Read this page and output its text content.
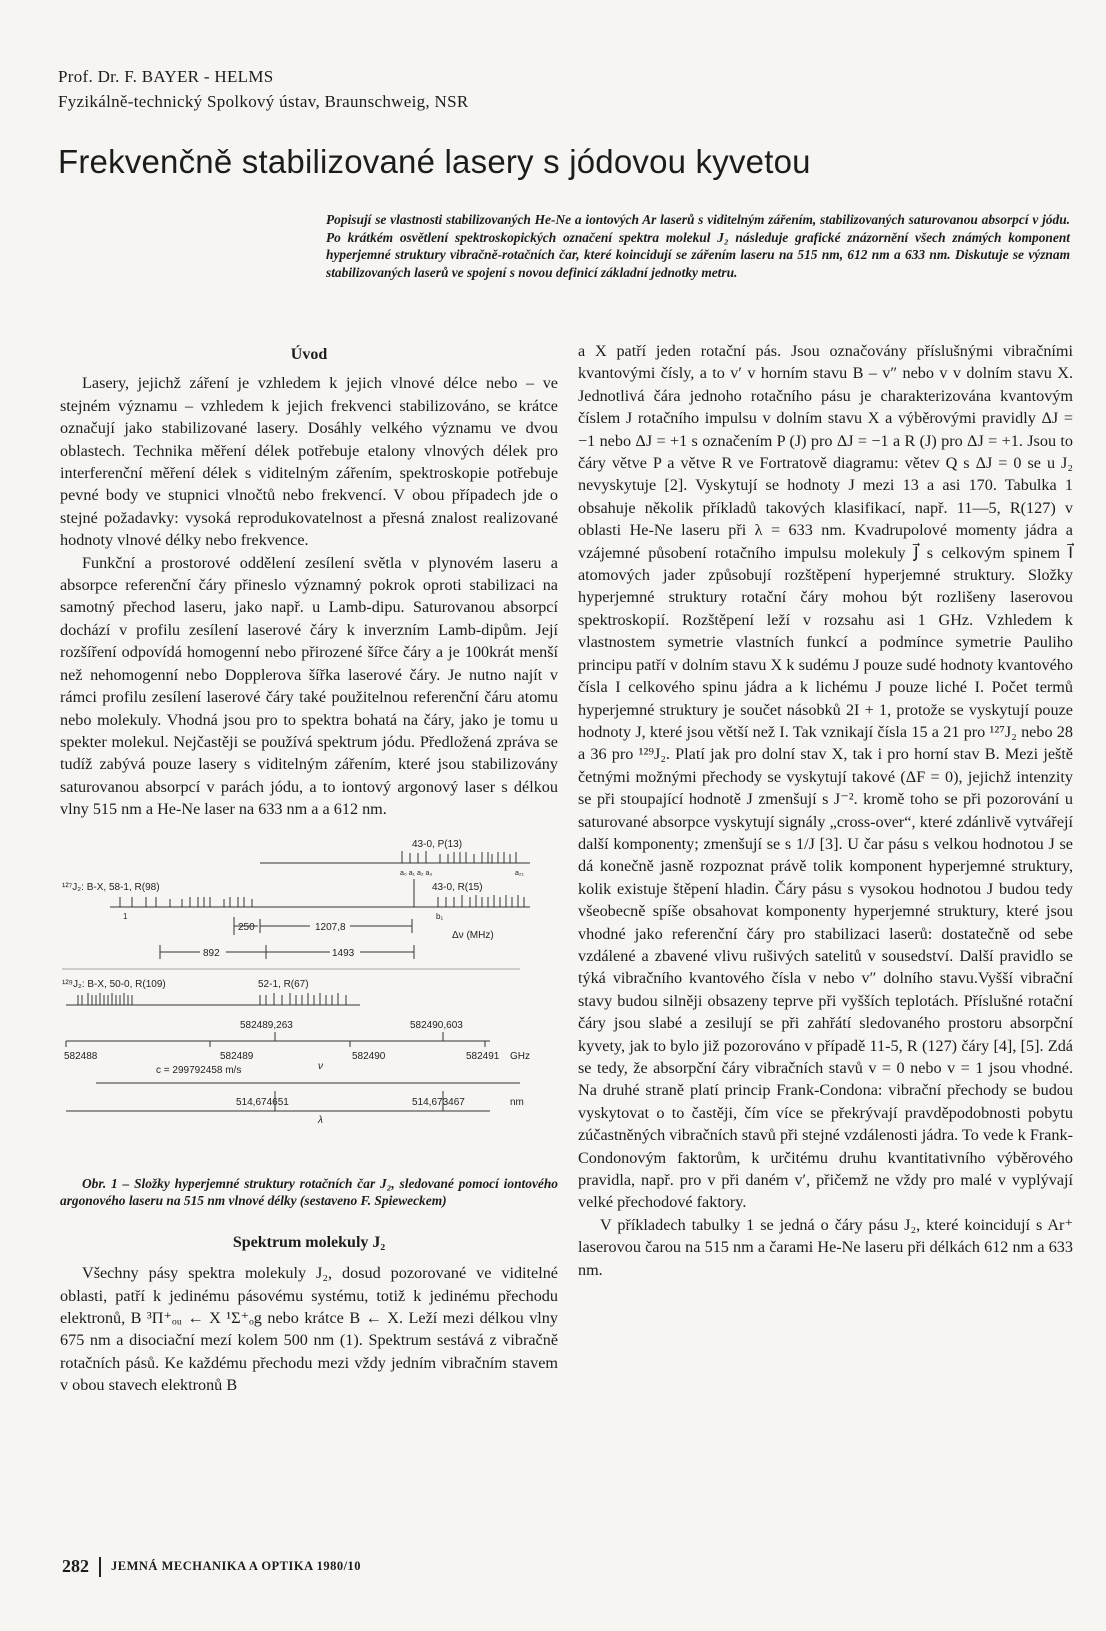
Prof. Dr. F. BAYER - HELMS
Fyzikálně-technický Spolkový ústav, Braunschweig, NSR
Frekvenčně stabilizované lasery s jódovou kyvetou

Popisují se vlastnosti stabilizovaných He-Ne a iontových Ar laserů s viditelným zářením, stabilizovaných saturovanou absorpcí v jódu. Po krátkém osvětlení spektroskopických označení spektra molekul J₂ následuje grafické znázornění všech známých komponent hyperjemné struktury vibračně-rotačních čar, které koincidují se zářením laseru na 515 nm, 612 nm a 633 nm. Diskutuje se význam stabilizovaných laserů ve spojení s novou definicí základní jednotky metru.

Úvod

Lasery, jejichž záření je vzhledem k jejich vlnové délce nebo – ve stejném významu – vzhledem k jejich frekvenci stabilizováno, se krátce označují jako stabilizované lasery. Dosáhly velkého významu ve dvou oblastech. Technika měření délek potřebuje etalony vlnových délek pro interferenční měření délek s viditelným zářením, spektroskopie potřebuje pevné body ve stupnici vlnočtů nebo frekvencí. V obou případech jde o stejné požadavky: vysoká reprodukovatelnost a přesná znalost realizované hodnoty vlnové délky nebo frekvence.

Funkční a prostorové oddělení zesílení světla v plynovém laseru a absorpce referenční čáry přineslo významný pokrok oproti stabilizaci na samotný přechod laseru, jako např. u Lamb-dipu. Saturovanou absorpcí dochází v profilu zesílení laserové čáry k inverzním Lamb-dipům. Její rozšíření odpovídá homogenní nebo přirozené šířce čáry a je 100krát menší než nehomogenní nebo Dopplerova šířka laserové čáry. Je nutno najít v rámci profilu zesílení laserové čáry také použitelnou referenční čáru atomu nebo molekuly. Vhodná jsou pro to spektra bohatá na čáry, jako je tomu u spekter molekul. Nejčastěji se používá spektrum jódu. Předložená zpráva se tudíž zabývá pouze lasery s viditelným zářením, které jsou stabilizovány saturovanou absorpcí v parách jódu, a to iontový argonový laser s délkou vlny 515 nm a He-Ne laser na 633 nm a a 612 nm.

43-0, P(13)
a₀ a₁ a₂ a₃	a₂₁
¹²⁷J₂: B-X, 58-1, R(98)	43-0, R(15)
1	b₁
250	1207,8
Δν (MHz)
892	1493
¹²⁹J₂: B-X, 50-0, R(109)	52-1, R(67)
582489,263	582490,603
582488	582489	582490	582491 GHz
c = 299792458 m/s	ν
514,674651	514,673467	nm
λ

Obr. 1 – Složky hyperjemné struktury rotačních čar J₂, sledované pomocí iontového argonového laseru na 515 nm vlnové délky (sestaveno F. Spieweckem)

Spektrum molekuly J₂

Všechny pásy spektra molekuly J₂, dosud pozorované ve viditelné oblasti, patří k jedinému pásovému systému, totiž k jedinému přechodu elektronů, B ³Π⁺ₒᵤ ← X ¹Σ⁺ₒg nebo krátce B ← X. Leží mezi délkou vlny 675 nm a disociační mezí kolem 500 nm (1). Spektrum sestává z vibračně rotačních pásů. Ke každému přechodu mezi vždy jedním vibračním stavem v obou stavech elektronů B

a X patří jeden rotační pás. Jsou označovány příslušnými vibračními kvantovými čísly, a to v′ v horním stavu B – v″ nebo v v dolním stavu X. Jednotlivá čára jednoho rotačního pásu je charakterizována kvantovým číslem J rotačního impulsu v dolním stavu X a výběrovými pravidly ΔJ = −1 nebo ΔJ = +1 s označením P (J) pro ΔJ = −1 a R (J) pro ΔJ = +1. Jsou to čáry větve P a větve R ve Fortratově diagramu: větev Q s ΔJ = 0 se u J₂ nevyskytuje [2]. Vyskytují se hodnoty J mezi 13 a asi 170. Tabulka 1 obsahuje několik příkladů takových klasifikací, např. 11—5, R(127) v oblasti He-Ne laseru při λ = 633 nm. Kvadrupolové momenty jádra a vzájemné působení rotačního impulsu molekuly J⃗ s celkovým spinem I⃗ atomových jader způsobují rozštěpení hyperjemné struktury. Složky hyperjemné struktury rotační čáry mohou být rozlišeny laserovou spektroskopií. Rozštěpení leží v rozsahu asi 1 GHz. Vzhledem k vlastnostem symetrie vlastních funkcí a podmínce symetrie Pauliho principu patří v dolním stavu X k sudému J pouze sudé hodnoty kvantového čísla I celkového spinu jádra a k lichému J pouze liché I. Počet termů hyperjemné struktury je součet násobků 2I + 1, protože se vyskytují pouze hodnoty J, které jsou větší než I. Tak vznikají čísla 15 a 21 pro ¹²⁷J₂ nebo 28 a 36 pro ¹²⁹J₂. Platí jak pro dolní stav X, tak i pro horní stav B. Mezi ještě četnými možnými přechody se vyskytují takové (ΔF = 0), jejichž intenzity se při stoupající hodnotě J zmenšují s J⁻². kromě toho se při pozorování u saturované absorpce vyskytují signály „cross-over“, které zdánlivě vytvářejí další komponenty; zmenšují se s 1/J [3]. U čar pásu s velkou hodnotou J se dá konečně jasně rozpoznat právě tolik komponent hyperjemné struktury, kolik existuje štěpení hladin. Čáry pásu s vysokou hodnotou J budou tedy všeobecně spíše obsahovat komponenty hyperjemné struktury, které jsou vhodné jako referenční čáry pro stabilizaci laserů: dostatečně od sebe vzdálené a zbavené vlivu rušivých satelitů v sousedství. Další pravidlo se týká vibračního kvantového čísla v nebo v″ dolního stavu.Vyšší vibrační stavy budou silněji obsazeny teprve při vyšších teplotách. Příslušné rotační čáry jsou slabé a zesilují se při zahřátí sledovaného prostoru absorpční kyvety, jak to bylo již pozorováno v případě 11-5, R (127) čáry [4], [5]. Zdá se tedy, že absorpční čáry vibračních stavů v = 0 nebo v = 1 jsou vhodné. Na druhé straně platí princip Frank-Condona: vibrační přechody se budou vyskytovat o to častěji, čím více se překrývají pravděpodobnosti pobytu zúčastněných vibračních stavů při stejné vzdálenosti jádra. To vede k Frank-Condonovým faktorům, k určitému druhu kvantitativního výběrového pravidla, např. pro v při daném v′, přičemž ne vždy pro malé v vyplývají velké přechodové faktory.

V příkladech tabulky 1 se jedná o čáry pásu J₂, které koincidují s Ar⁺ laserovou čarou na 515 nm a čarami He-Ne laseru při délkách 612 nm a 633 nm.

282 JEMNÁ MECHANIKA A OPTIKA 1980/10
